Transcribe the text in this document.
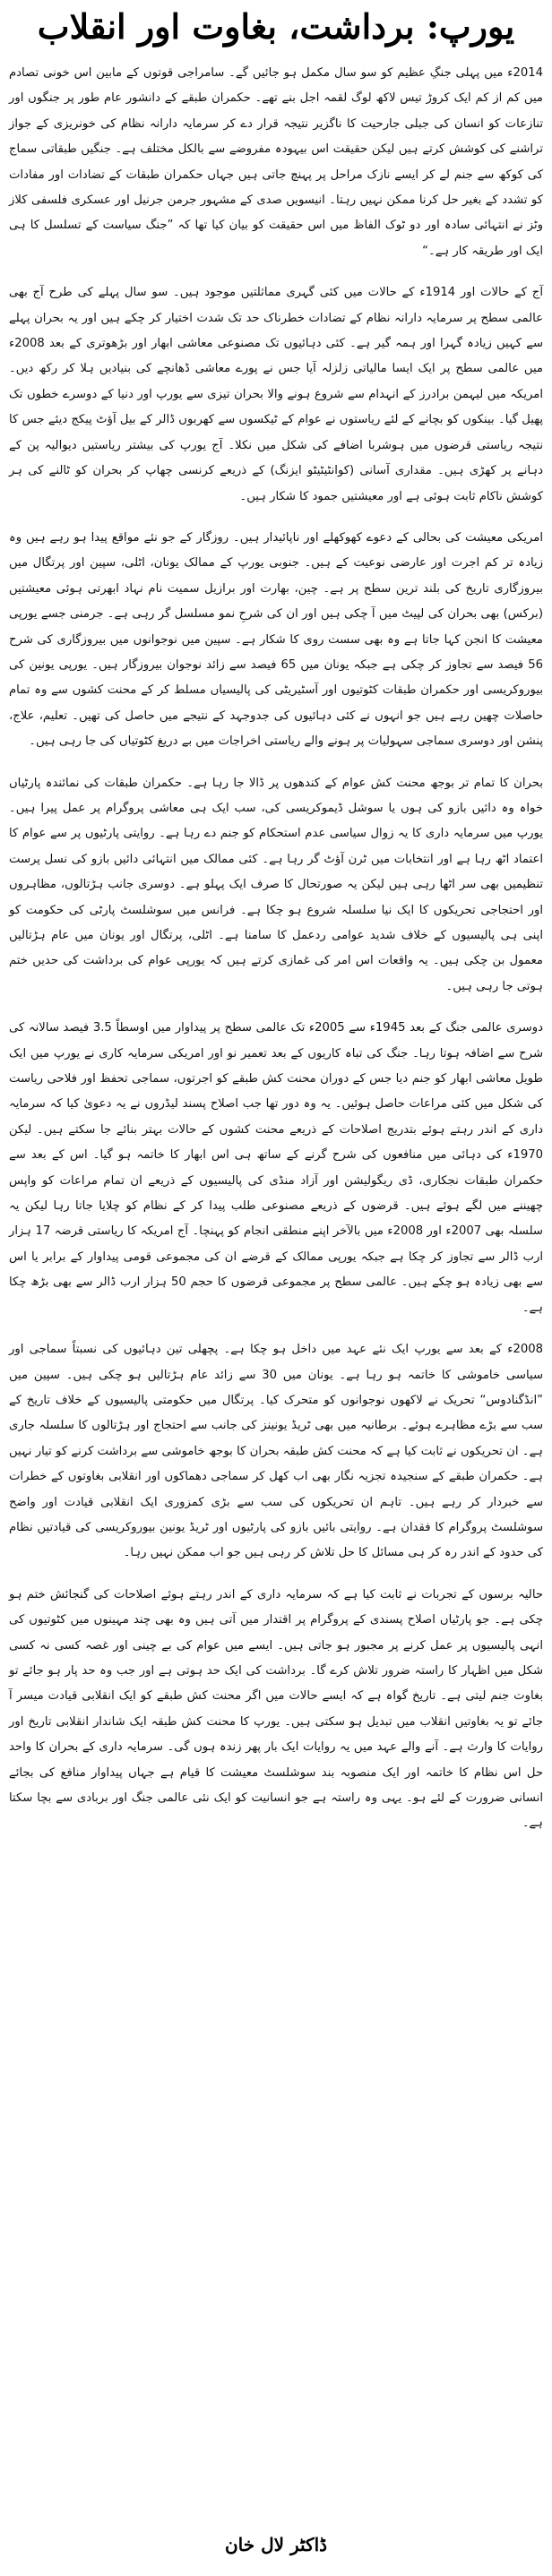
یورپ: برداشت، بغاوت اور انقلاب

2014ء میں پہلی جنگِ عظیم کو سو سال مکمل ہو جائیں گے۔ سامراجی قوتوں کے مابین اس خونی تصادم میں کم از کم ایک کروڑ تیس لاکھ لوگ لقمہ اجل بنے تھے۔ حکمران طبقے کے دانشور عام طور پر جنگوں اور تنازعات کو انسان کی جبلی جارحیت کا ناگزیر نتیجہ قرار دے کر سرمایہ دارانہ نظام کی خونریزی کے جواز تراشنے کی کوشش کرتے ہیں لیکن حقیقت اس بیہودہ مفروضے سے بالکل مختلف ہے۔ جنگیں طبقاتی سماج کی کوکھ سے جنم لے کر ایسے نازک مراحل پر پہنچ جاتی ہیں جہاں حکمران طبقات کے تضادات اور مفادات کو تشدد کے بغیر حل کرنا ممکن نہیں رہتا۔ انیسویں صدی کے مشہور جرمن جرنیل اور عسکری فلسفی کلاز وٹز نے انتہائی سادہ اور دو ٹوک الفاظ میں اس حقیقت کو بیان کیا تھا کہ ”جنگ سیاست کے تسلسل کا ہی ایک اور طریقہ کار ہے۔“

آج کے حالات اور 1914ء کے حالات میں کئی گہری مماثلتیں موجود ہیں۔ سو سال پہلے کی طرح آج بھی عالمی سطح پر سرمایہ دارانہ نظام کے تضادات خطرناک حد تک شدت اختیار کر چکے ہیں اور یہ بحران پہلے سے کہیں زیادہ گہرا اور ہمہ گیر ہے۔ کئی دہائیوں تک مصنوعی معاشی ابھار اور بڑھوتری کے بعد 2008ء میں عالمی سطح پر ایک ایسا مالیاتی زلزلہ آیا جس نے پورے معاشی ڈھانچے کی بنیادیں ہلا کر رکھ دیں۔ امریکہ میں لیہمن برادرز کے انہدام سے شروع ہونے والا بحران تیزی سے یورپ اور دنیا کے دوسرے خطوں تک پھیل گیا۔ بینکوں کو بچانے کے لئے ریاستوں نے عوام کے ٹیکسوں سے کھربوں ڈالر کے بیل آؤٹ پیکج دیئے جس کا نتیجہ ریاستی قرضوں میں ہوشربا اضافے کی شکل میں نکلا۔ آج یورپ کی بیشتر ریاستیں دیوالیہ پن کے دہانے پر کھڑی ہیں۔ مقداری آسانی (کوانٹیٹیٹو ایزنگ) کے ذریعے کرنسی چھاپ کر بحران کو ٹالنے کی ہر کوشش ناکام ثابت ہوئی ہے اور معیشتیں جمود کا شکار ہیں۔

امریکی معیشت کی بحالی کے دعوے کھوکھلے اور ناپائیدار ہیں۔ روزگار کے جو نئے مواقع پیدا ہو رہے ہیں وہ زیادہ تر کم اجرت اور عارضی نوعیت کے ہیں۔ جنوبی یورپ کے ممالک یونان، اٹلی، سپین اور پرتگال میں بیروزگاری تاریخ کی بلند ترین سطح پر ہے۔ چین، بھارت اور برازیل سمیت نام نہاد ابھرتی ہوئی معیشتیں (برکس) بھی بحران کی لپیٹ میں آ چکی ہیں اور ان کی شرحِ نمو مسلسل گر رہی ہے۔ جرمنی جسے یورپی معیشت کا انجن کہا جاتا ہے وہ بھی سست روی کا شکار ہے۔ سپین میں نوجوانوں میں بیروزگاری کی شرح 56 فیصد سے تجاوز کر چکی ہے جبکہ یونان میں 65 فیصد سے زائد نوجوان بیروزگار ہیں۔ یورپی یونین کی بیوروکریسی اور حکمران طبقات کٹوتیوں اور آسٹیریٹی کی پالیسیاں مسلط کر کے محنت کشوں سے وہ تمام حاصلات چھین رہے ہیں جو انہوں نے کئی دہائیوں کی جدوجہد کے نتیجے میں حاصل کی تھیں۔ تعلیم، علاج، پنشن اور دوسری سماجی سہولیات پر ہونے والے ریاستی اخراجات میں بے دریغ کٹوتیاں کی جا رہی ہیں۔

بحران کا تمام تر بوجھ محنت کش عوام کے کندھوں پر ڈالا جا رہا ہے۔ حکمران طبقات کی نمائندہ پارٹیاں خواہ وہ دائیں بازو کی ہوں یا سوشل ڈیموکریسی کی، سب ایک ہی معاشی پروگرام پر عمل پیرا ہیں۔ یورپ میں سرمایہ داری کا یہ زوال سیاسی عدم استحکام کو جنم دے رہا ہے۔ روایتی پارٹیوں پر سے عوام کا اعتماد اٹھ رہا ہے اور انتخابات میں ٹرن آؤٹ گر رہا ہے۔ کئی ممالک میں انتہائی دائیں بازو کی نسل پرست تنظیمیں بھی سر اٹھا رہی ہیں لیکن یہ صورتحال کا صرف ایک پہلو ہے۔ دوسری جانب ہڑتالوں، مظاہروں اور احتجاجی تحریکوں کا ایک نیا سلسلہ شروع ہو چکا ہے۔ فرانس میں سوشلسٹ پارٹی کی حکومت کو اپنی ہی پالیسیوں کے خلاف شدید عوامی ردعمل کا سامنا ہے۔ اٹلی، پرتگال اور یونان میں عام ہڑتالیں معمول بن چکی ہیں۔ یہ واقعات اس امر کی غمازی کرتے ہیں کہ یورپی عوام کی برداشت کی حدیں ختم ہوتی جا رہی ہیں۔

دوسری عالمی جنگ کے بعد 1945ء سے 2005ء تک عالمی سطح پر پیداوار میں اوسطاً 3.5 فیصد سالانہ کی شرح سے اضافہ ہوتا رہا۔ جنگ کی تباہ کاریوں کے بعد تعمیر نو اور امریکی سرمایہ کاری نے یورپ میں ایک طویل معاشی ابھار کو جنم دیا جس کے دوران محنت کش طبقے کو اجرتوں، سماجی تحفظ اور فلاحی ریاست کی شکل میں کئی مراعات حاصل ہوئیں۔ یہ وہ دور تھا جب اصلاح پسند لیڈروں نے یہ دعویٰ کیا کہ سرمایہ داری کے اندر رہتے ہوئے بتدریج اصلاحات کے ذریعے محنت کشوں کے حالات بہتر بنائے جا سکتے ہیں۔ لیکن 1970ء کی دہائی میں منافعوں کی شرح گرنے کے ساتھ ہی اس ابھار کا خاتمہ ہو گیا۔ اس کے بعد سے حکمران طبقات نجکاری، ڈی ریگولیشن اور آزاد منڈی کی پالیسیوں کے ذریعے ان تمام مراعات کو واپس چھیننے میں لگے ہوئے ہیں۔ قرضوں کے ذریعے مصنوعی طلب پیدا کر کے نظام کو چلایا جاتا رہا لیکن یہ سلسلہ بھی 2007ء اور 2008ء میں بالآخر اپنے منطقی انجام کو پہنچا۔ آج امریکہ کا ریاستی قرضہ 17 ہزار ارب ڈالر سے تجاوز کر چکا ہے جبکہ یورپی ممالک کے قرضے ان کی مجموعی قومی پیداوار کے برابر یا اس سے بھی زیادہ ہو چکے ہیں۔ عالمی سطح پر مجموعی قرضوں کا حجم 50 ہزار ارب ڈالر سے بھی بڑھ چکا ہے۔

2008ء کے بعد سے یورپ ایک نئے عہد میں داخل ہو چکا ہے۔ پچھلی تین دہائیوں کی نسبتاً سماجی اور سیاسی خاموشی کا خاتمہ ہو رہا ہے۔ یونان میں 30 سے زائد عام ہڑتالیں ہو چکی ہیں۔ سپین میں ”انڈگنادوس“ تحریک نے لاکھوں نوجوانوں کو متحرک کیا۔ پرتگال میں حکومتی پالیسیوں کے خلاف تاریخ کے سب سے بڑے مظاہرے ہوئے۔ برطانیہ میں بھی ٹریڈ یونینز کی جانب سے احتجاج اور ہڑتالوں کا سلسلہ جاری ہے۔ ان تحریکوں نے ثابت کیا ہے کہ محنت کش طبقہ بحران کا بوجھ خاموشی سے برداشت کرنے کو تیار نہیں ہے۔ حکمران طبقے کے سنجیدہ تجزیہ نگار بھی اب کھل کر سماجی دھماکوں اور انقلابی بغاوتوں کے خطرات سے خبردار کر رہے ہیں۔ تاہم ان تحریکوں کی سب سے بڑی کمزوری ایک انقلابی قیادت اور واضح سوشلسٹ پروگرام کا فقدان ہے۔ روایتی بائیں بازو کی پارٹیوں اور ٹریڈ یونین بیوروکریسی کی قیادتیں نظام کی حدود کے اندر رہ کر ہی مسائل کا حل تلاش کر رہی ہیں جو اب ممکن نہیں رہا۔

حالیہ برسوں کے تجربات نے ثابت کیا ہے کہ سرمایہ داری کے اندر رہتے ہوئے اصلاحات کی گنجائش ختم ہو چکی ہے۔ جو پارٹیاں اصلاح پسندی کے پروگرام پر اقتدار میں آتی ہیں وہ بھی چند مہینوں میں کٹوتیوں کی انہی پالیسیوں پر عمل کرنے پر مجبور ہو جاتی ہیں۔ ایسے میں عوام کی بے چینی اور غصہ کسی نہ کسی شکل میں اظہار کا راستہ ضرور تلاش کرے گا۔ برداشت کی ایک حد ہوتی ہے اور جب وہ حد پار ہو جائے تو بغاوت جنم لیتی ہے۔ تاریخ گواہ ہے کہ ایسے حالات میں اگر محنت کش طبقے کو ایک انقلابی قیادت میسر آ جائے تو یہ بغاوتیں انقلاب میں تبدیل ہو سکتی ہیں۔ یورپ کا محنت کش طبقہ ایک شاندار انقلابی تاریخ اور روایات کا وارث ہے۔ آنے والے عہد میں یہ روایات ایک بار پھر زندہ ہوں گی۔ سرمایہ داری کے بحران کا واحد حل اس نظام کا خاتمہ اور ایک منصوبہ بند سوشلسٹ معیشت کا قیام ہے جہاں پیداوار منافع کی بجائے انسانی ضرورت کے لئے ہو۔ یہی وہ راستہ ہے جو انسانیت کو ایک نئی عالمی جنگ اور بربادی سے بچا سکتا ہے۔

ڈاکٹر لال خان
